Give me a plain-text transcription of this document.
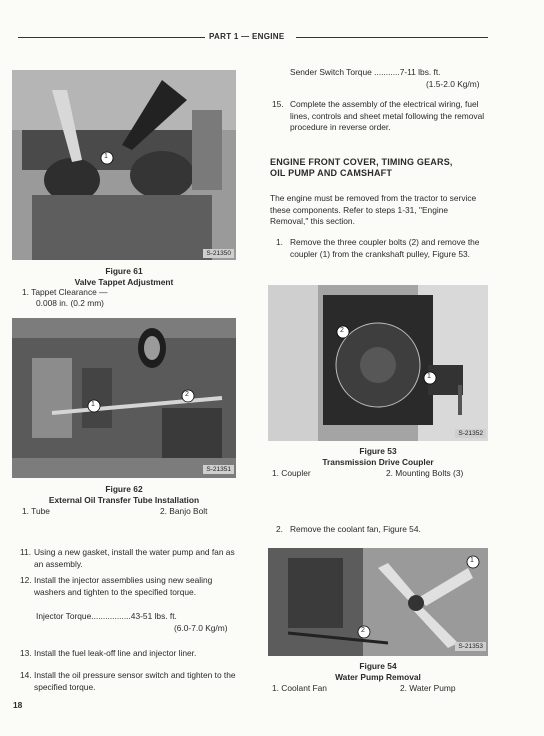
PART 1 — ENGINE
1
S-21350
Figure 61
Valve Tappet Adjustment
1. Tappet Clearance —
0.008 in. (0.2 mm)
1
2
S-21351
Figure 62
External Oil Transfer Tube Installation
1. Tube	2. Banjo Bolt
11. Using a new gasket, install the water pump and fan as an assembly.
12. Install the injector assemblies using new sealing washers and tighten to the specified torque.
Injector Torque.................43-51 lbs. ft.
(6.0-7.0 Kg/m)
13. Install the fuel leak-off line and injector liner.
14. Install the oil pressure sensor switch and tighten to the specified torque.
18
Sender Switch Torque ...........7-11 lbs. ft.
(1.5-2.0 Kg/m)
15. Complete the assembly of the electrical wiring, fuel lines, controls and sheet metal following the removal procedure in reverse order.
ENGINE FRONT COVER, TIMING GEARS,
OIL PUMP AND CAMSHAFT
The engine must be removed from the tractor to service these components. Refer to steps 1-31, "Engine Removal," this section.
1. Remove the three coupler bolts (2) and remove the coupler (1) from the crankshaft pulley, Figure 53.
2
1
S-21352
Figure 53
Transmission Drive Coupler
1. Coupler	2. Mounting Bolts (3)
2. Remove the coolant fan, Figure 54.
1
2
S-21353
Figure 54
Water Pump Removal
1. Coolant Fan	2. Water Pump
